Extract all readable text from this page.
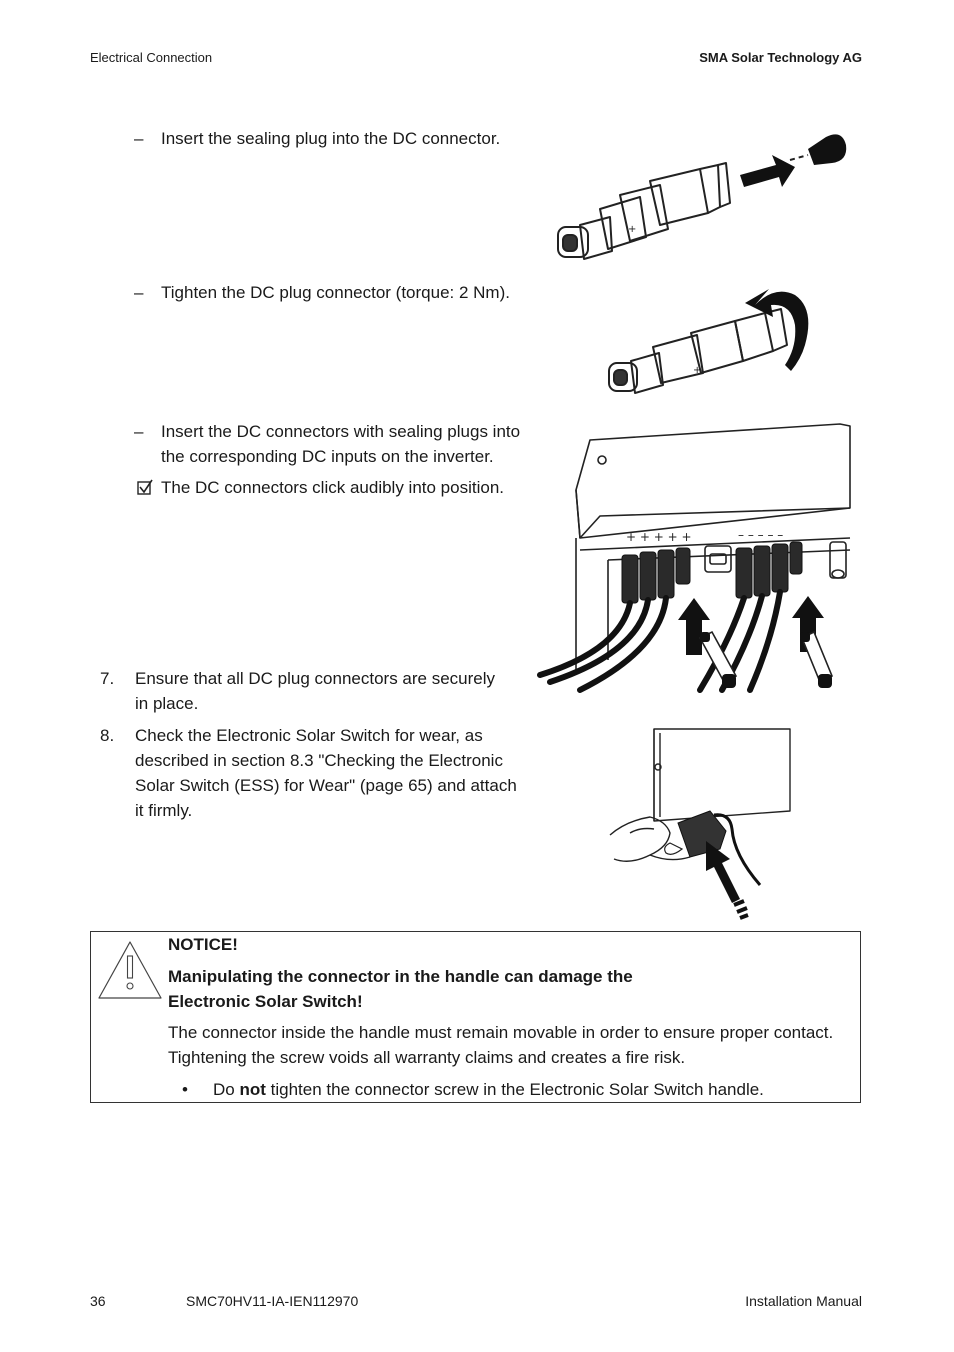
Electrical Connection	SMA Solar Technology AG
–	Insert the sealing plug into the DC connector.
+
–	Tighten the DC plug connector (torque: 2 Nm).
+
–	Insert the DC connectors with sealing plugs into
the corresponding DC inputs on the inverter.
The DC connectors click audibly into position.
+ + + + +	– – – – –
7.	Ensure that all DC plug connectors are securely
in place.
8.	Check the Electronic Solar Switch for wear, as
described in section 8.3 "Checking the Electronic
Solar Switch (ESS) for Wear" (page 65) and attach
it firmly.
NOTICE!
Manipulating the connector in the handle can damage the
Electronic Solar Switch!
The connector inside the handle must remain movable in order to ensure proper contact.
Tightening the screw voids all warranty claims and creates a fire risk.
• Do not tighten the connector screw in the Electronic Solar Switch handle.
36	SMC70HV11-IA-IEN112970	Installation Manual
